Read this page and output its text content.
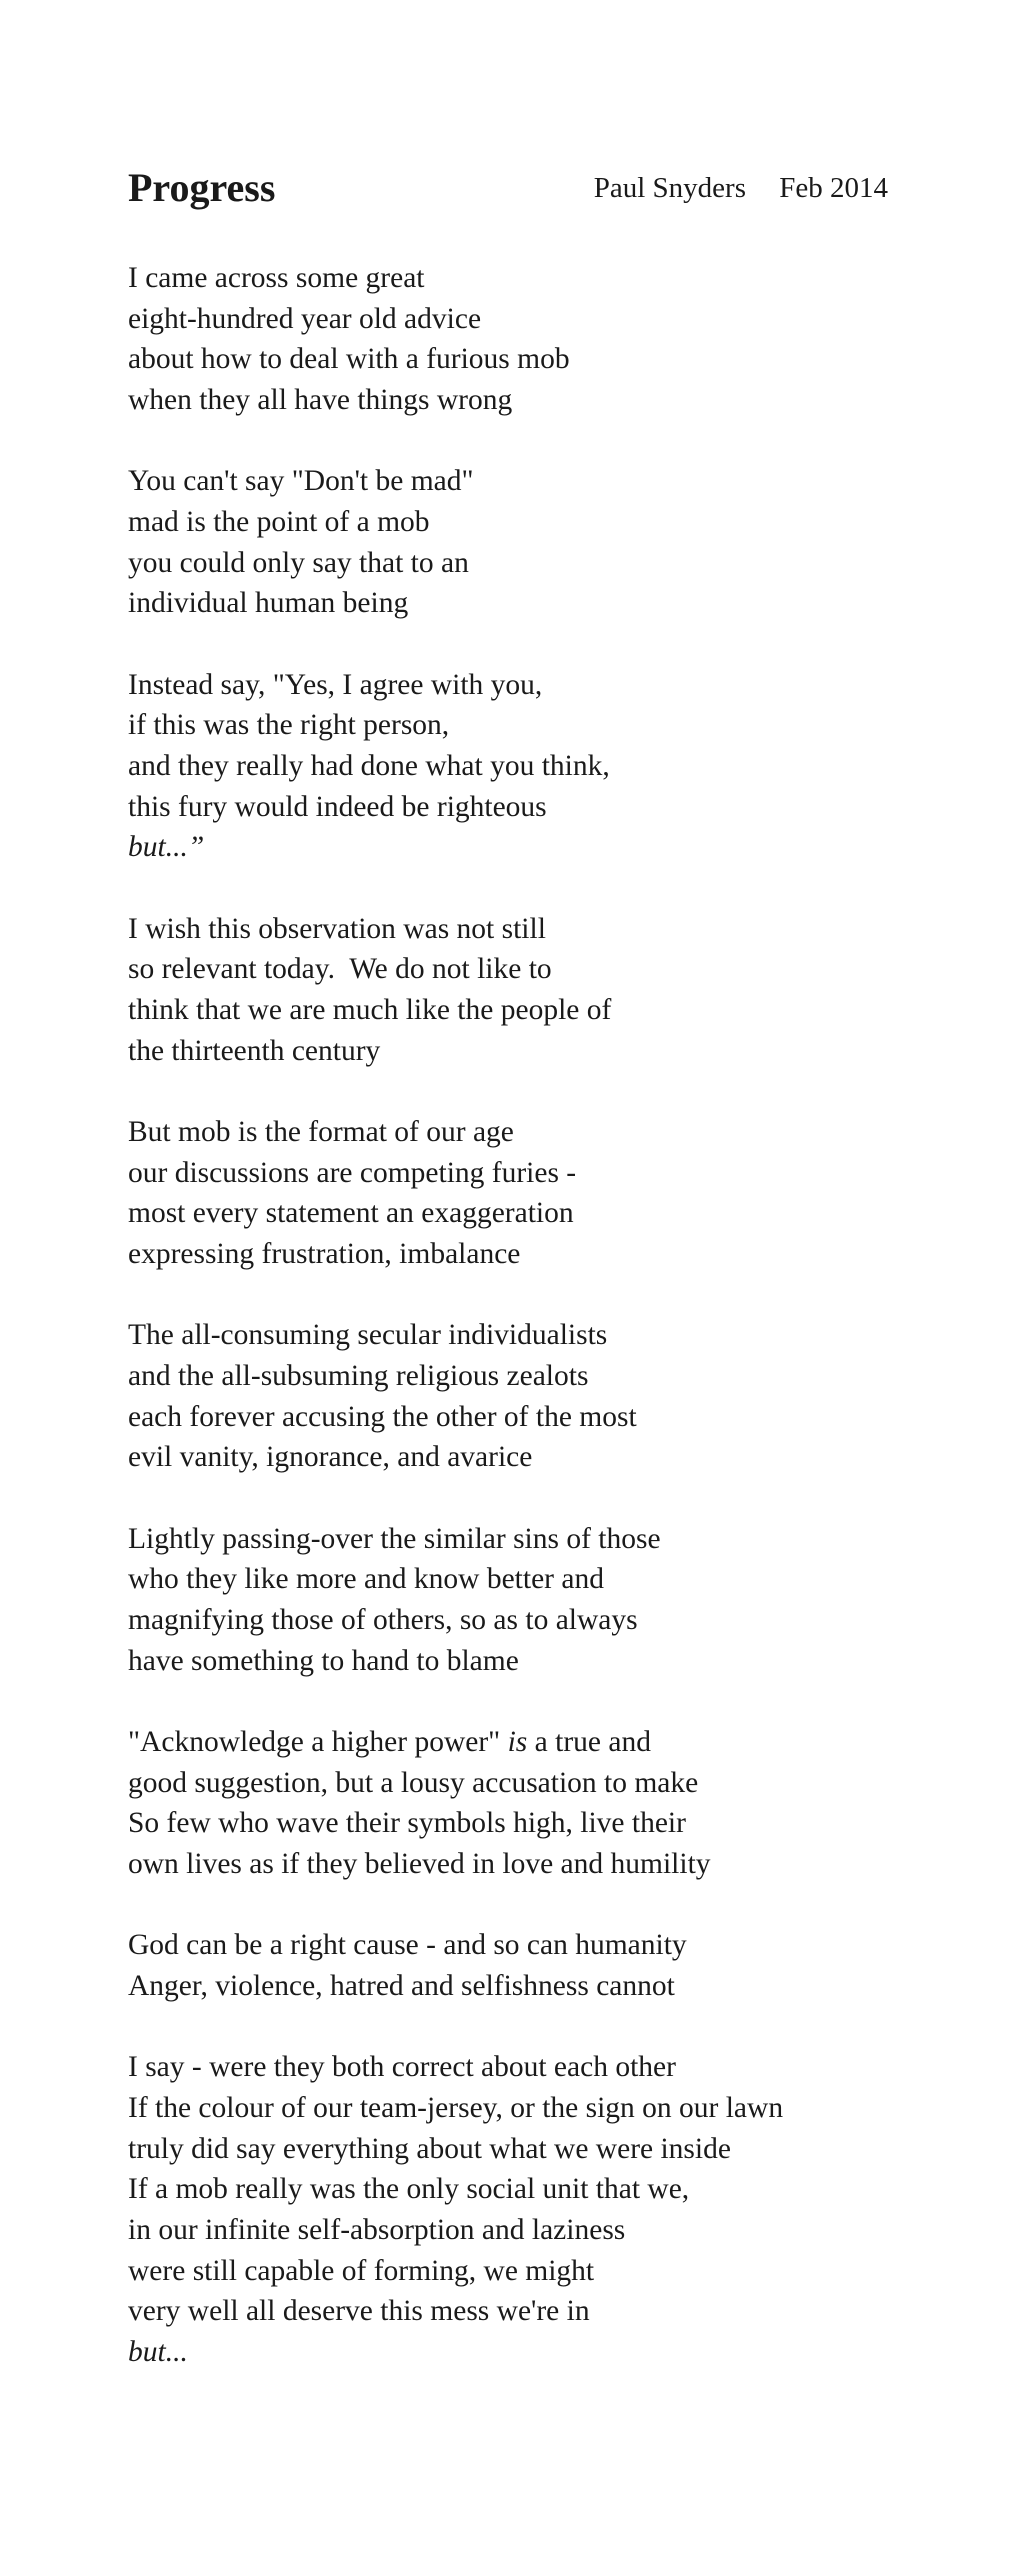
Progress	Paul Snyders Feb 2014
I came across some great
eight-hundred year old advice
about how to deal with a furious mob
when they all have things wrong
You can't say "Don't be mad"
mad is the point of a mob
you could only say that to an
individual human being
Instead say, "Yes, I agree with you,
if this was the right person,
and they really had done what you think,
this fury would indeed be righteous
but...”
I wish this observation was not still
so relevant today.  We do not like to
think that we are much like the people of
the thirteenth century
But mob is the format of our age
our discussions are competing furies -
most every statement an exaggeration
expressing frustration, imbalance
The all-consuming secular individualists
and the all-subsuming religious zealots
each forever accusing the other of the most
evil vanity, ignorance, and avarice
Lightly passing-over the similar sins of those
who they like more and know better and
magnifying those of others, so as to always
have something to hand to blame
"Acknowledge a higher power" is a true and
good suggestion, but a lousy accusation to make
So few who wave their symbols high, live their
own lives as if they believed in love and humility
God can be a right cause - and so can humanity
Anger, violence, hatred and selfishness cannot
I say - were they both correct about each other
If the colour of our team-jersey, or the sign on our lawn
truly did say everything about what we were inside
If a mob really was the only social unit that we,
in our infinite self-absorption and laziness
were still capable of forming, we might
very well all deserve this mess we're in
but...
